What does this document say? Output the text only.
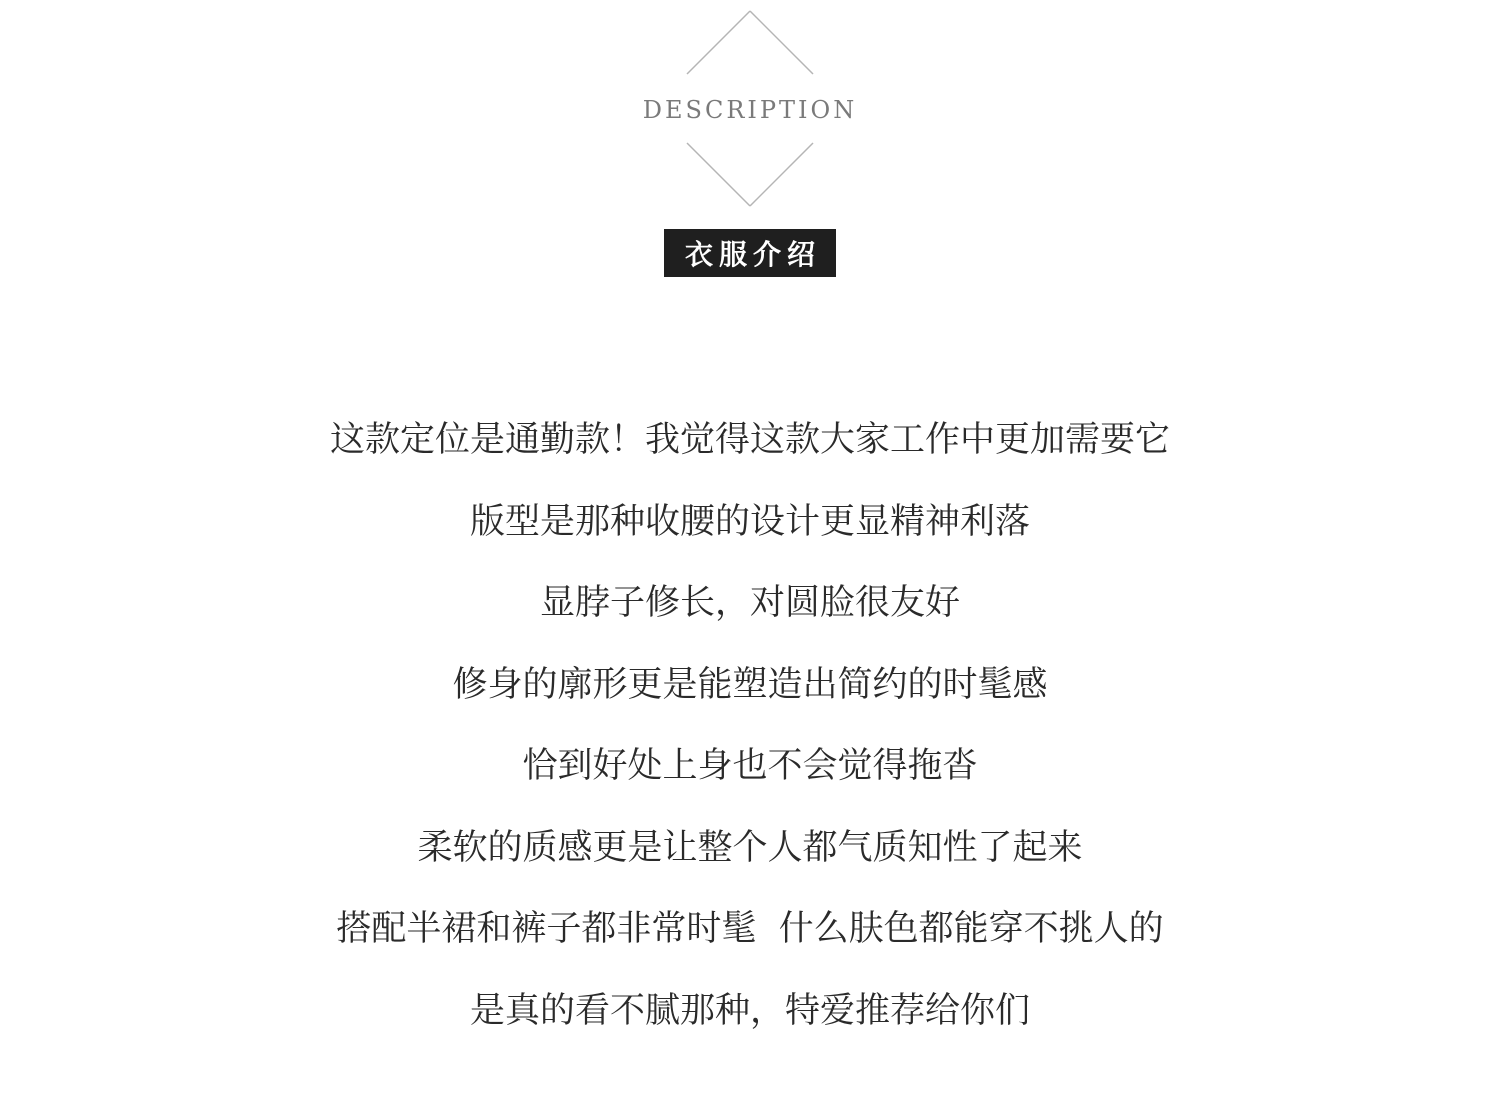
DESCRIPTION
衣服介绍
这款定位是通勤款！我觉得这款大家工作中更加需要它
版型是那种收腰的设计更显精神利落
显脖子修长，对圆脸很友好
修身的廓形更是能塑造出简约的时髦感
恰到好处上身也不会觉得拖沓
柔软的质感更是让整个人都气质知性了起来
搭配半裙和裤子都非常时髦  什么肤色都能穿不挑人的
是真的看不腻那种，特爱推荐给你们
